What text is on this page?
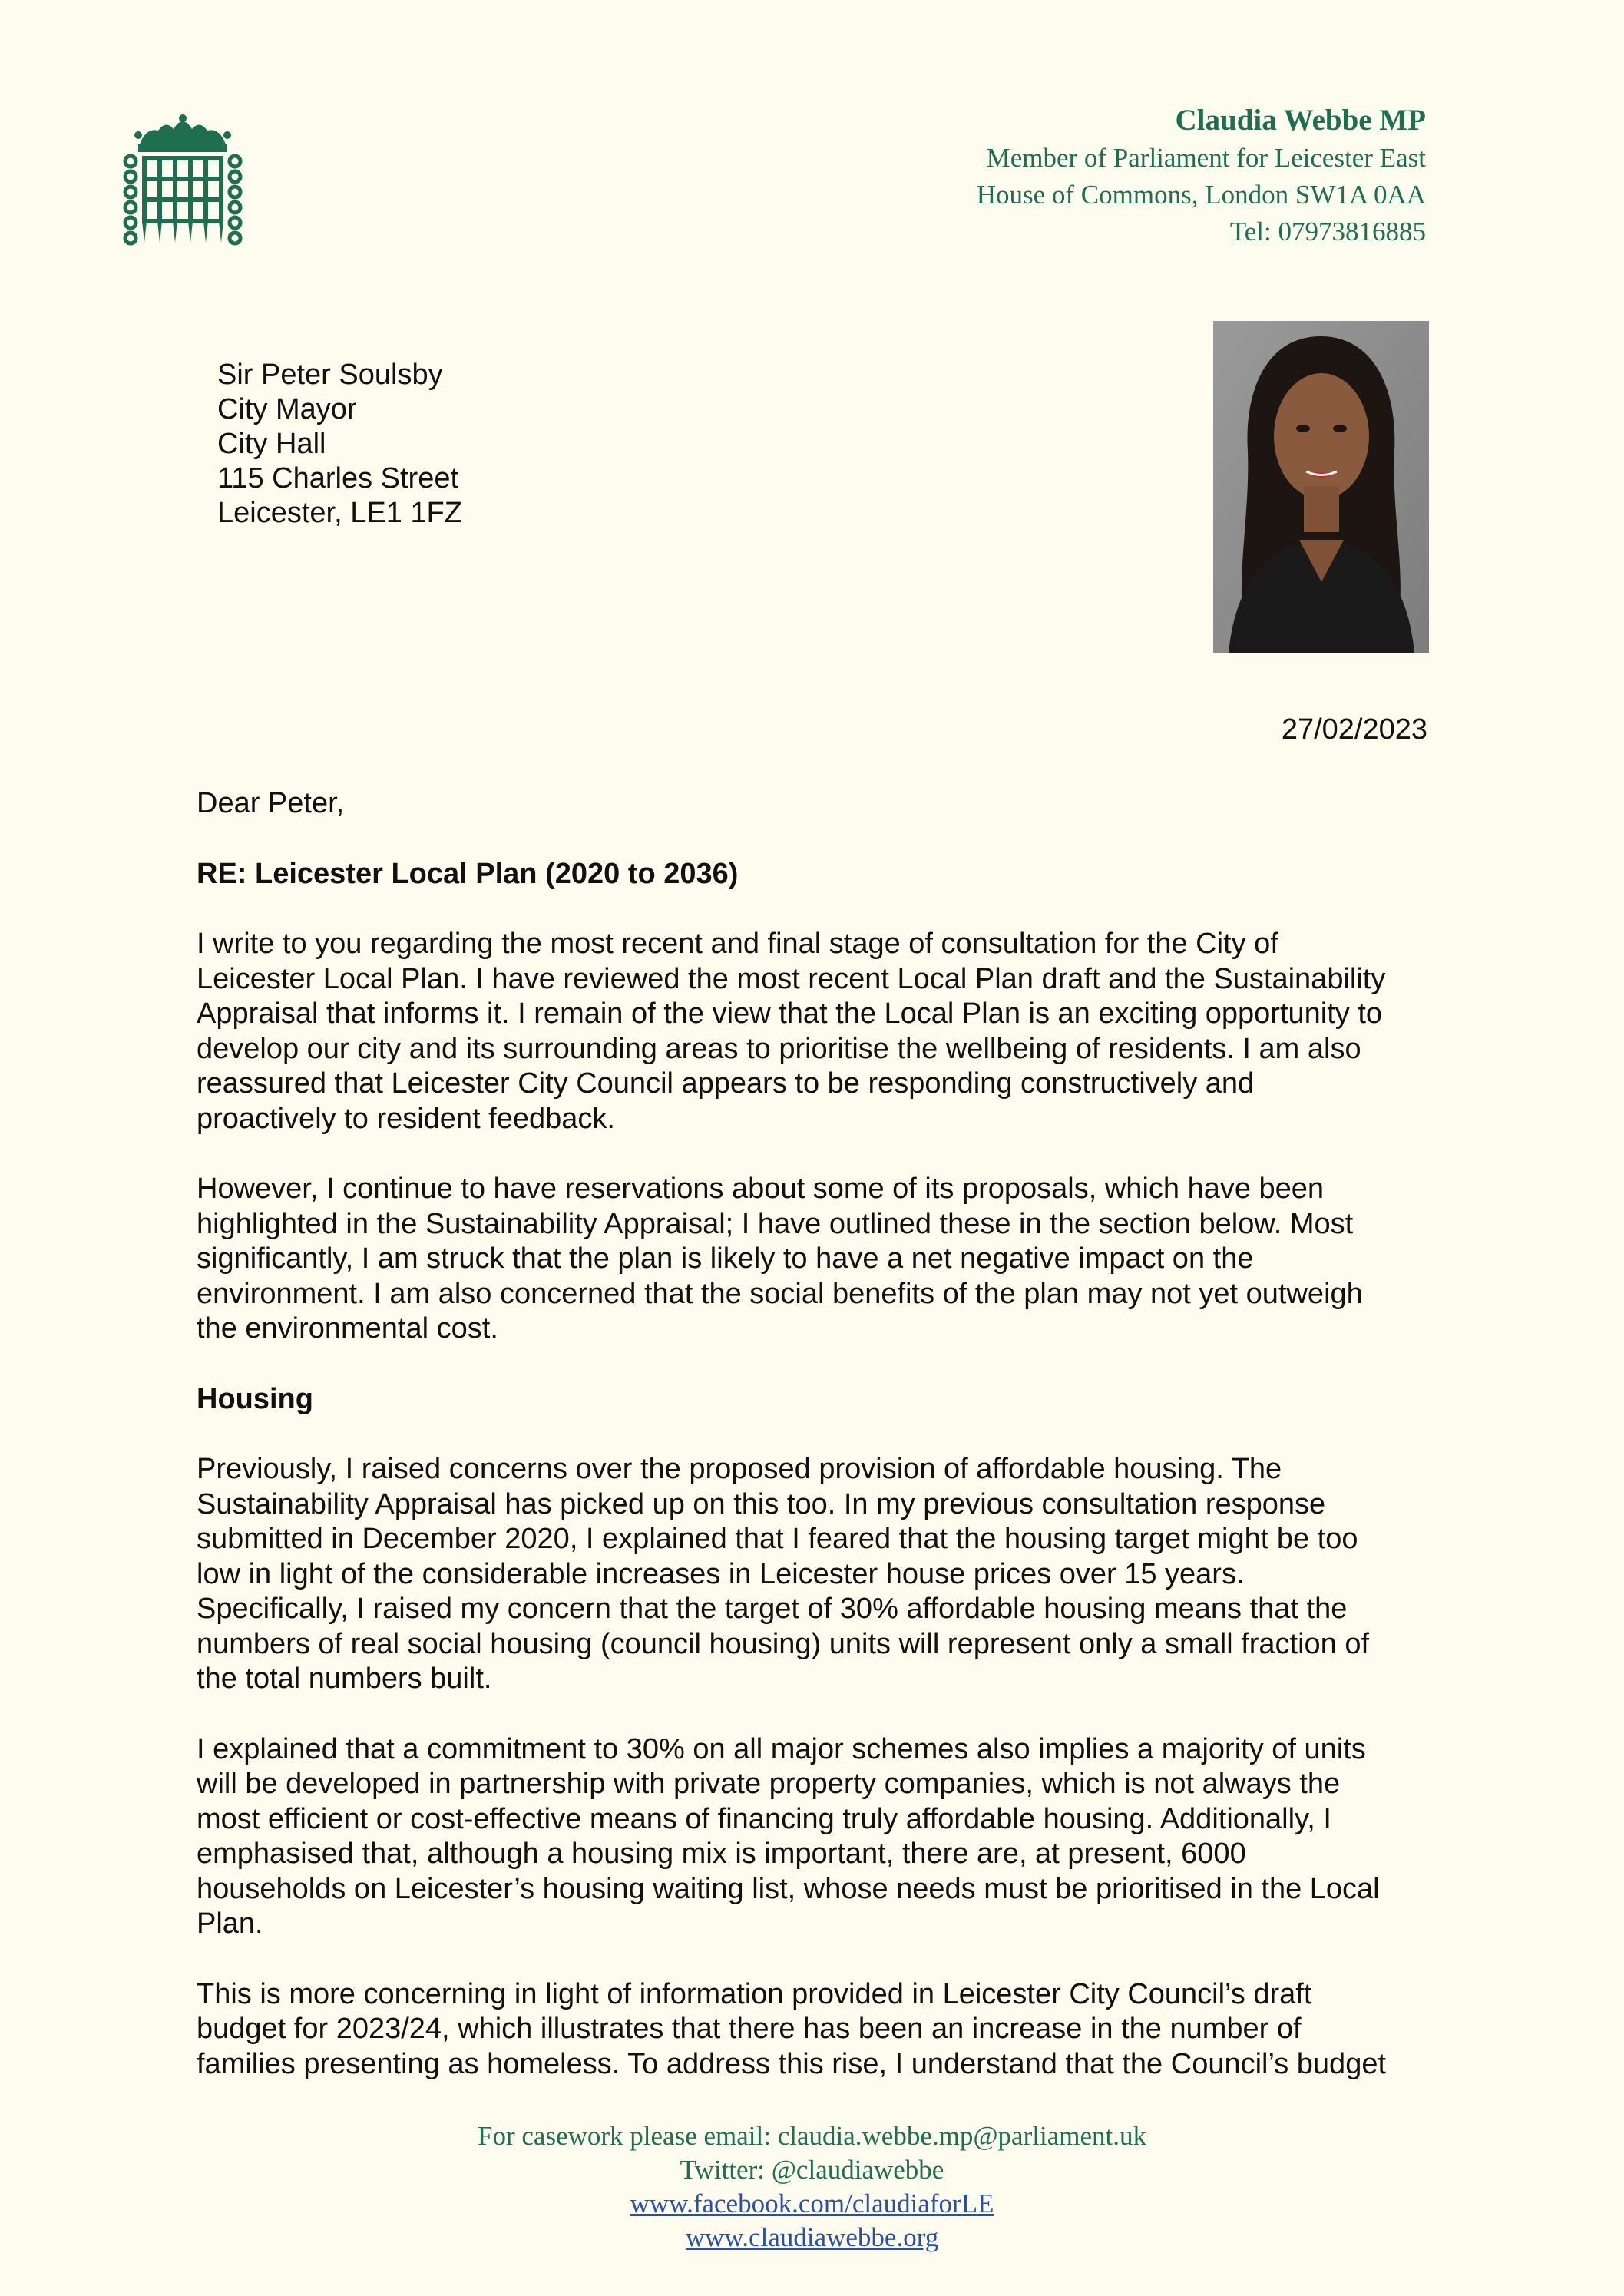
Claudia Webbe MP
Member of Parliament for Leicester East
House of Commons, London SW1A 0AA
Tel: 07973816885
Sir Peter Soulsby
City Mayor
City Hall
115 Charles Street
Leicester, LE1 1FZ
27/02/2023

Dear Peter,

RE: Leicester Local Plan (2020 to 2036)

I write to you regarding the most recent and final stage of consultation for the City of
Leicester Local Plan. I have reviewed the most recent Local Plan draft and the Sustainability
Appraisal that informs it. I remain of the view that the Local Plan is an exciting opportunity to
develop our city and its surrounding areas to prioritise the wellbeing of residents. I am also
reassured that Leicester City Council appears to be responding constructively and
proactively to resident feedback.

However, I continue to have reservations about some of its proposals, which have been
highlighted in the Sustainability Appraisal; I have outlined these in the section below. Most
significantly, I am struck that the plan is likely to have a net negative impact on the
environment. I am also concerned that the social benefits of the plan may not yet outweigh
the environmental cost.

Housing

Previously, I raised concerns over the proposed provision of affordable housing. The
Sustainability Appraisal has picked up on this too. In my previous consultation response
submitted in December 2020, I explained that I feared that the housing target might be too
low in light of the considerable increases in Leicester house prices over 15 years.
Specifically, I raised my concern that the target of 30% affordable housing means that the
numbers of real social housing (council housing) units will represent only a small fraction of
the total numbers built.

I explained that a commitment to 30% on all major schemes also implies a majority of units
will be developed in partnership with private property companies, which is not always the
most efficient or cost-effective means of financing truly affordable housing. Additionally, I
emphasised that, although a housing mix is important, there are, at present, 6000
households on Leicester’s housing waiting list, whose needs must be prioritised in the Local
Plan.

This is more concerning in light of information provided in Leicester City Council’s draft
budget for 2023/24, which illustrates that there has been an increase in the number of
families presenting as homeless. To address this rise, I understand that the Council’s budget

For casework please email: claudia.webbe.mp@parliament.uk
Twitter: @claudiawebbe
www.facebook.com/claudiaforLE
www.claudiawebbe.org
